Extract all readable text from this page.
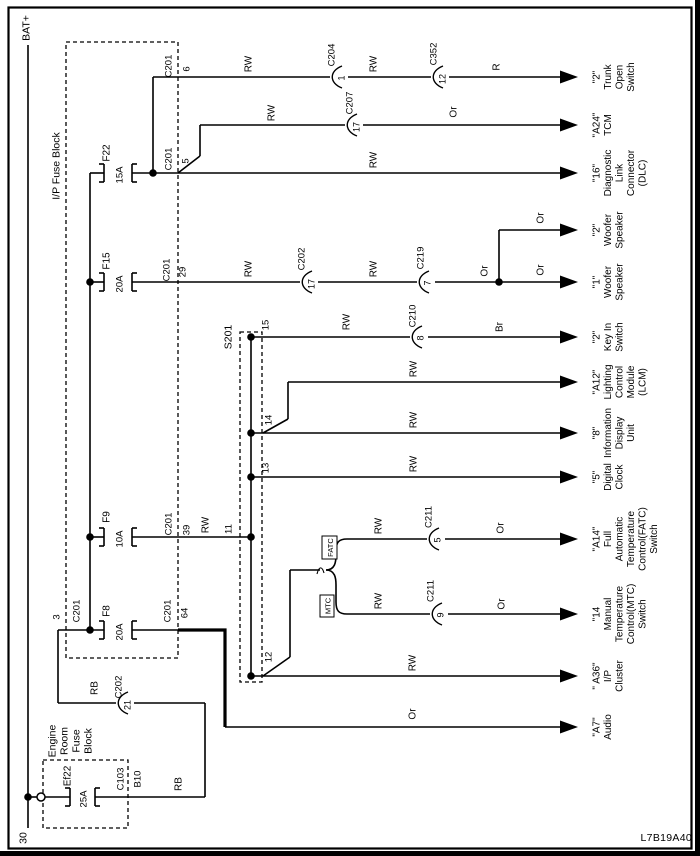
F22
15A
F15
20A
F9
10A
F8
20A
Ef22
25A
C204
1
C352
12
C207
17
C202
17
C219
7
C210
8
C211
5
C211
9
C202
21
C201 6
C201 5
C201 29
C201 39
C201 64
C201
3
15
14
13
11
12
C103 B10
RW	RW	R
RW	Or
RW
RW	RW	Or
Or
Or
RW	Br
RW
RW
RW
RW	RW	Or
RW	Or
RW
Or
RB
RB
I/P Fuse Block
Engine Room Fuse Block
S201
FATC
MTC
BAT+
30
"2" Trunk Open Switch
"A24" TCM
"16" Diagnostic Link Connector (DLC)
"2" Woofer Speaker
"1" Woofer Speaker
"2" Key In Switch
"A12" Lighting Control Module (LCM)
"8" Information Display Unit
"5" Digital Clock
"A14" Full Automatic Temperature Control(FATC) Switch
"14 Manual Temperature Control(MTC) Switch
" A36" I/P Cluster
"A7" Audio
L7B19A40
